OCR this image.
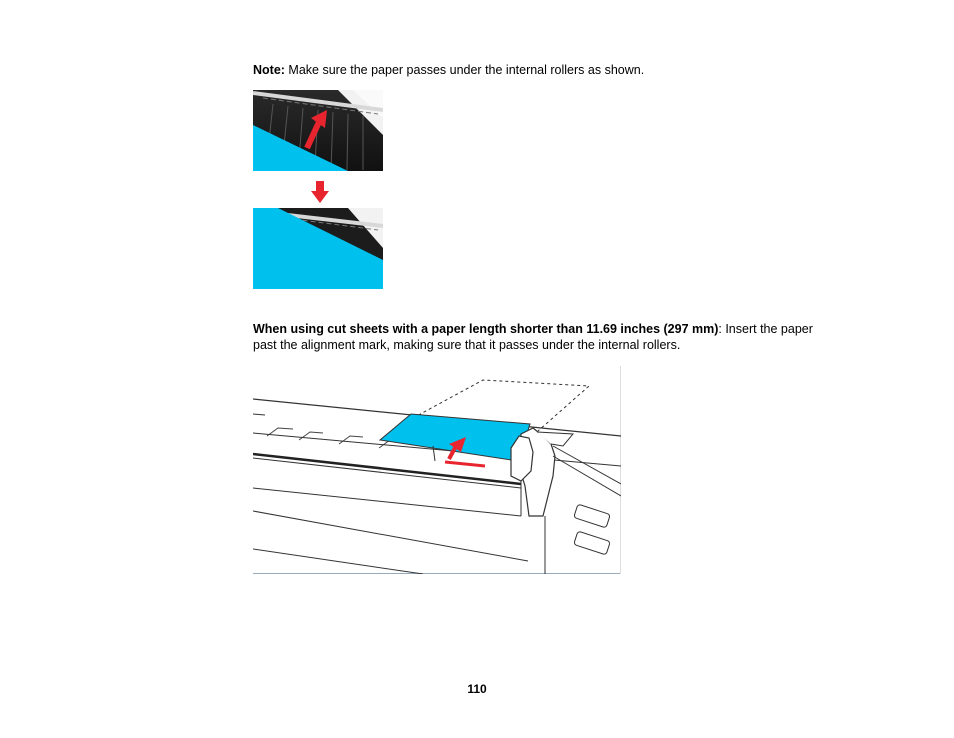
Note: Make sure the paper passes under the internal rollers as shown.
When using cut sheets with a paper length shorter than 11.69 inches (297 mm): Insert the paper past the alignment mark, making sure that it passes under the internal rollers.
110
